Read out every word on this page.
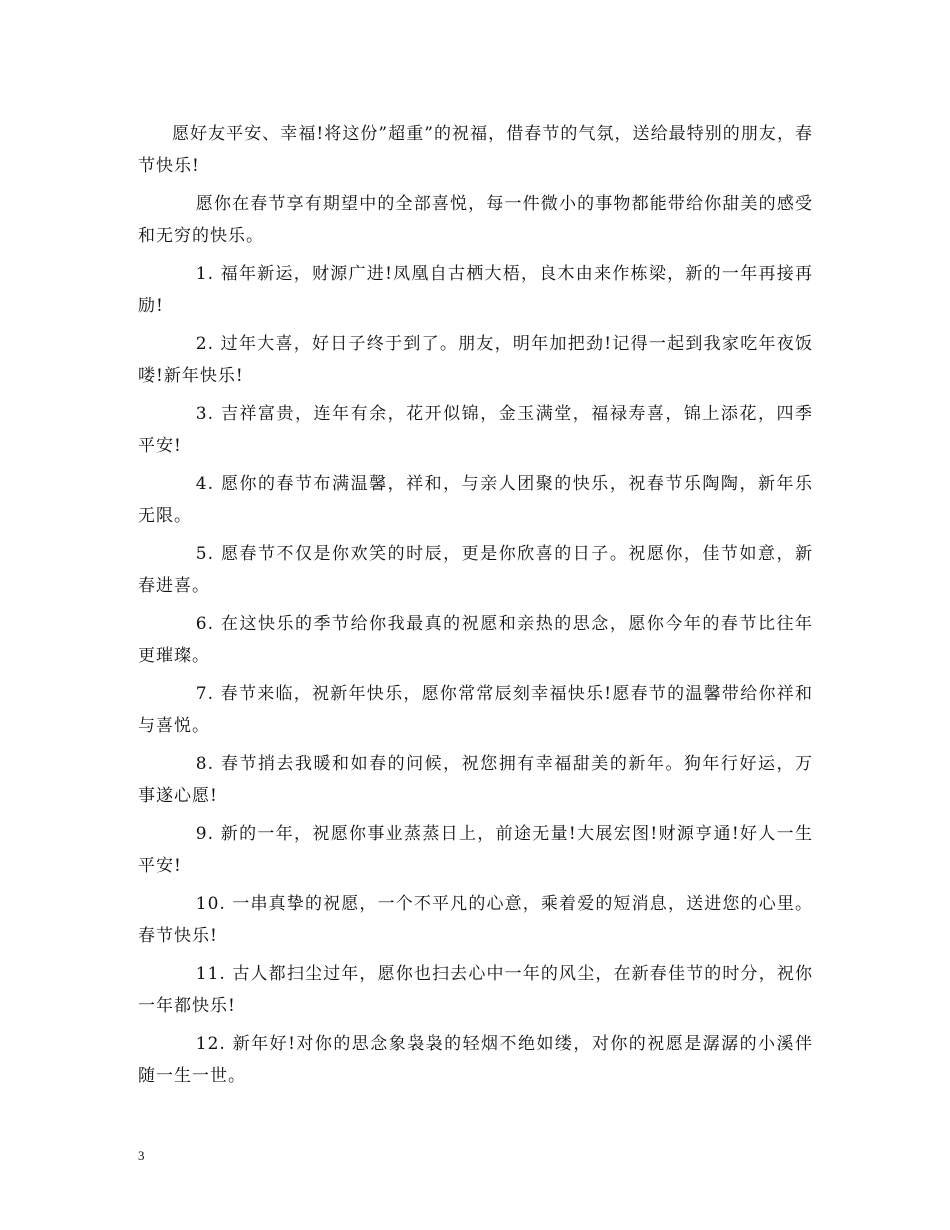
愿好友平安、幸福!将这份”超重”的祝福，借春节的气氛，送给最特别的朋友，春节快乐!

愿你在春节享有期望中的全部喜悦，每一件微小的事物都能带给你甜美的感受和无穷的快乐。

1. 福年新运，财源广进!凤凰自古栖大梧，良木由来作栋梁，新的一年再接再励!

2. 过年大喜，好日子终于到了。朋友，明年加把劲!记得一起到我家吃年夜饭喽!新年快乐!

3. 吉祥富贵，连年有余，花开似锦，金玉满堂，福禄寿喜，锦上添花，四季平安!

4. 愿你的春节布满温馨，祥和，与亲人团聚的快乐，祝春节乐陶陶，新年乐无限。

5. 愿春节不仅是你欢笑的时辰，更是你欣喜的日子。祝愿你，佳节如意，新春进喜。

6. 在这快乐的季节给你我最真的祝愿和亲热的思念，愿你今年的春节比往年更璀璨。

7. 春节来临，祝新年快乐，愿你常常辰刻幸福快乐!愿春节的温馨带给你祥和与喜悦。

8. 春节捎去我暖和如春的问候，祝您拥有幸福甜美的新年。狗年行好运，万事遂心愿!

9. 新的一年，祝愿你事业蒸蒸日上，前途无量!大展宏图!财源亨通!好人一生平安!

10. 一串真挚的祝愿，一个不平凡的心意，乘着爱的短消息，送进您的心里。春节快乐!

11. 古人都扫尘过年，愿你也扫去心中一年的风尘，在新春佳节的时分，祝你一年都快乐!

12. 新年好!对你的思念象袅袅的轻烟不绝如缕，对你的祝愿是潺潺的小溪伴随一生一世。

3
